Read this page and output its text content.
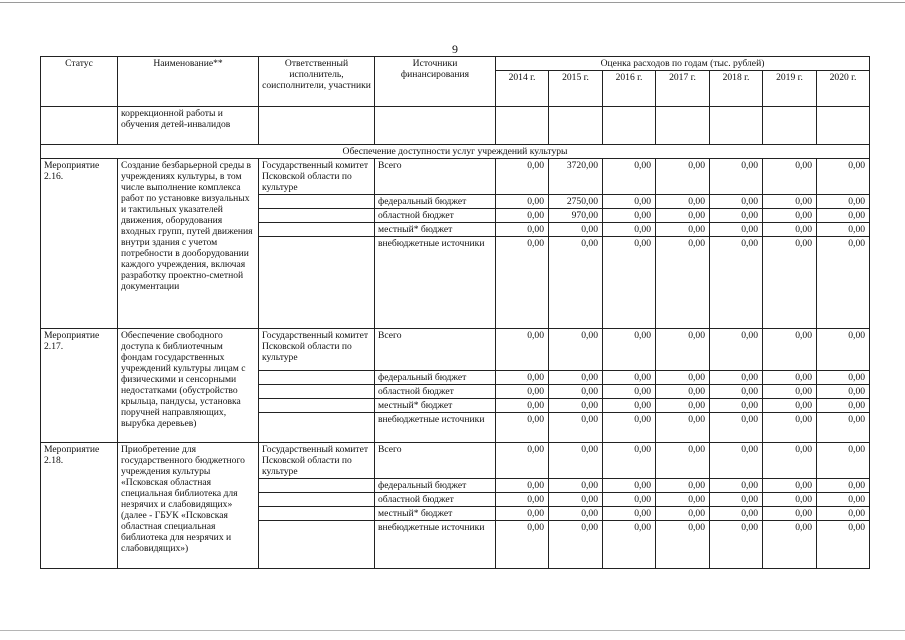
9
Статус	Наименование**	Ответственный исполнитель, соисполнители, участники	Источники финансирования	Оценка расходов по годам (тыс. рублей)						
				2014 г.	2015 г.	2016 г.	2017 г.	2018 г.	2019 г.	2020 г.
	коррекционной работы и обучения детей-инвалидов									
Обеспечение доступности услуг учреждений культуры										
Мероприятие 2.16.	Создание безбарьерной среды в учреждениях культуры, в том числе выполнение комплекса работ по установке визуальных и тактильных указателей движения, оборудования входных групп, путей движения внутри здания с учетом потребности в дооборудовании каждого учреждения, включая разработку проектно-сметной документации	Государственный комитет Псковской области по культуре	Всего	0,00	3720,00	0,00	0,00	0,00	0,00	0,00
			федеральный бюджет	0,00	2750,00	0,00	0,00	0,00	0,00	0,00
			областной бюджет	0,00	970,00	0,00	0,00	0,00	0,00	0,00
			местный* бюджет	0,00	0,00	0,00	0,00	0,00	0,00	0,00
			внебюджетные источники	0,00	0,00	0,00	0,00	0,00	0,00	0,00
Мероприятие 2.17.	Обеспечение свободного доступа к библиотечным фондам государственных учреждений культуры лицам с физическими и сенсорными недостатками (обустройство крыльца, пандусы, установка поручней направляющих, вырубка деревьев)	Государственный комитет Псковской области по культуре	Всего	0,00	0,00	0,00	0,00	0,00	0,00	0,00
			федеральный бюджет	0,00	0,00	0,00	0,00	0,00	0,00	0,00
			областной бюджет	0,00	0,00	0,00	0,00	0,00	0,00	0,00
			местный* бюджет	0,00	0,00	0,00	0,00	0,00	0,00	0,00
			внебюджетные источники	0,00	0,00	0,00	0,00	0,00	0,00	0,00
Мероприятие 2.18.	Приобретение для государственного бюджетного учреждения культуры «Псковская областная специальная библиотека для незрячих и слабовидящих» (далее - ГБУК «Псковская областная специальная библиотека для незрячих и слабовидящих»)	Государственный комитет Псковской области по культуре	Всего	0,00	0,00	0,00	0,00	0,00	0,00	0,00
			федеральный бюджет	0,00	0,00	0,00	0,00	0,00	0,00	0,00
			областной бюджет	0,00	0,00	0,00	0,00	0,00	0,00	0,00
			местный* бюджет	0,00	0,00	0,00	0,00	0,00	0,00	0,00
			внебюджетные источники	0,00	0,00	0,00	0,00	0,00	0,00	0,00
